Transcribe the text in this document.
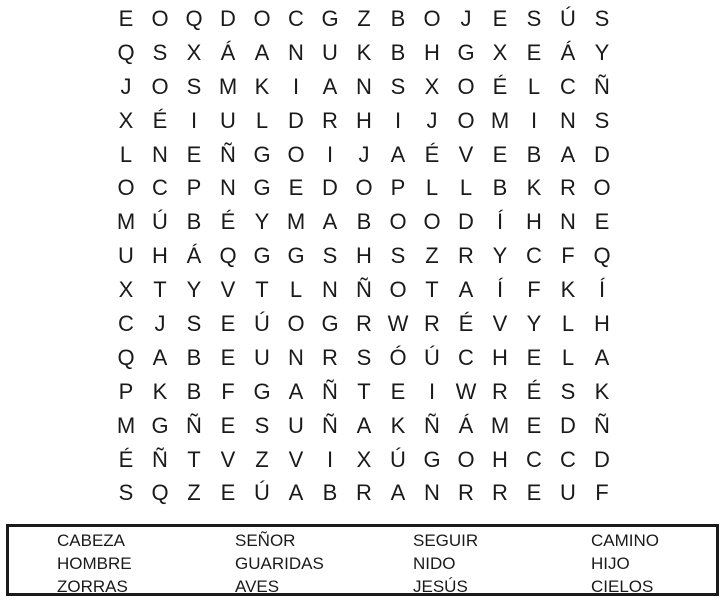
E O Q D O C G Z B O J E S Ú S
Q S X Á A N U K B H G X E Á Y
J O S M K	I	A N S X O É L C Ñ
X É	I	U L D R H	I	J O M I	N S
L N E Ñ G O	I	J A É V E B A D
O C P N G E D O P L L B K R O
M Ú B É Y M A B O O D	Í	H N E
U H Á Q G G S H S Z R Y C F Q
X T Y V T L N Ñ O T A	Í	F K	Í
C J S E Ú O G R W R É V Y L H
Q A B E U N R S Ó Ú C H E L A
P K B F G A Ñ T E	I W R É S K
M G Ñ E S U Ñ A K Ñ Á M E D Ñ
É Ñ T V Z V	I	X Ú G O H C C D
S Q Z E Ú A B R A N R R E U F
CABEZA	SEÑOR	SEGUIR	CAMINO
HOMBRE	GUARIDAS	NIDO	HIJO
ZORRAS	AVES	JESÚS	CIELOS
